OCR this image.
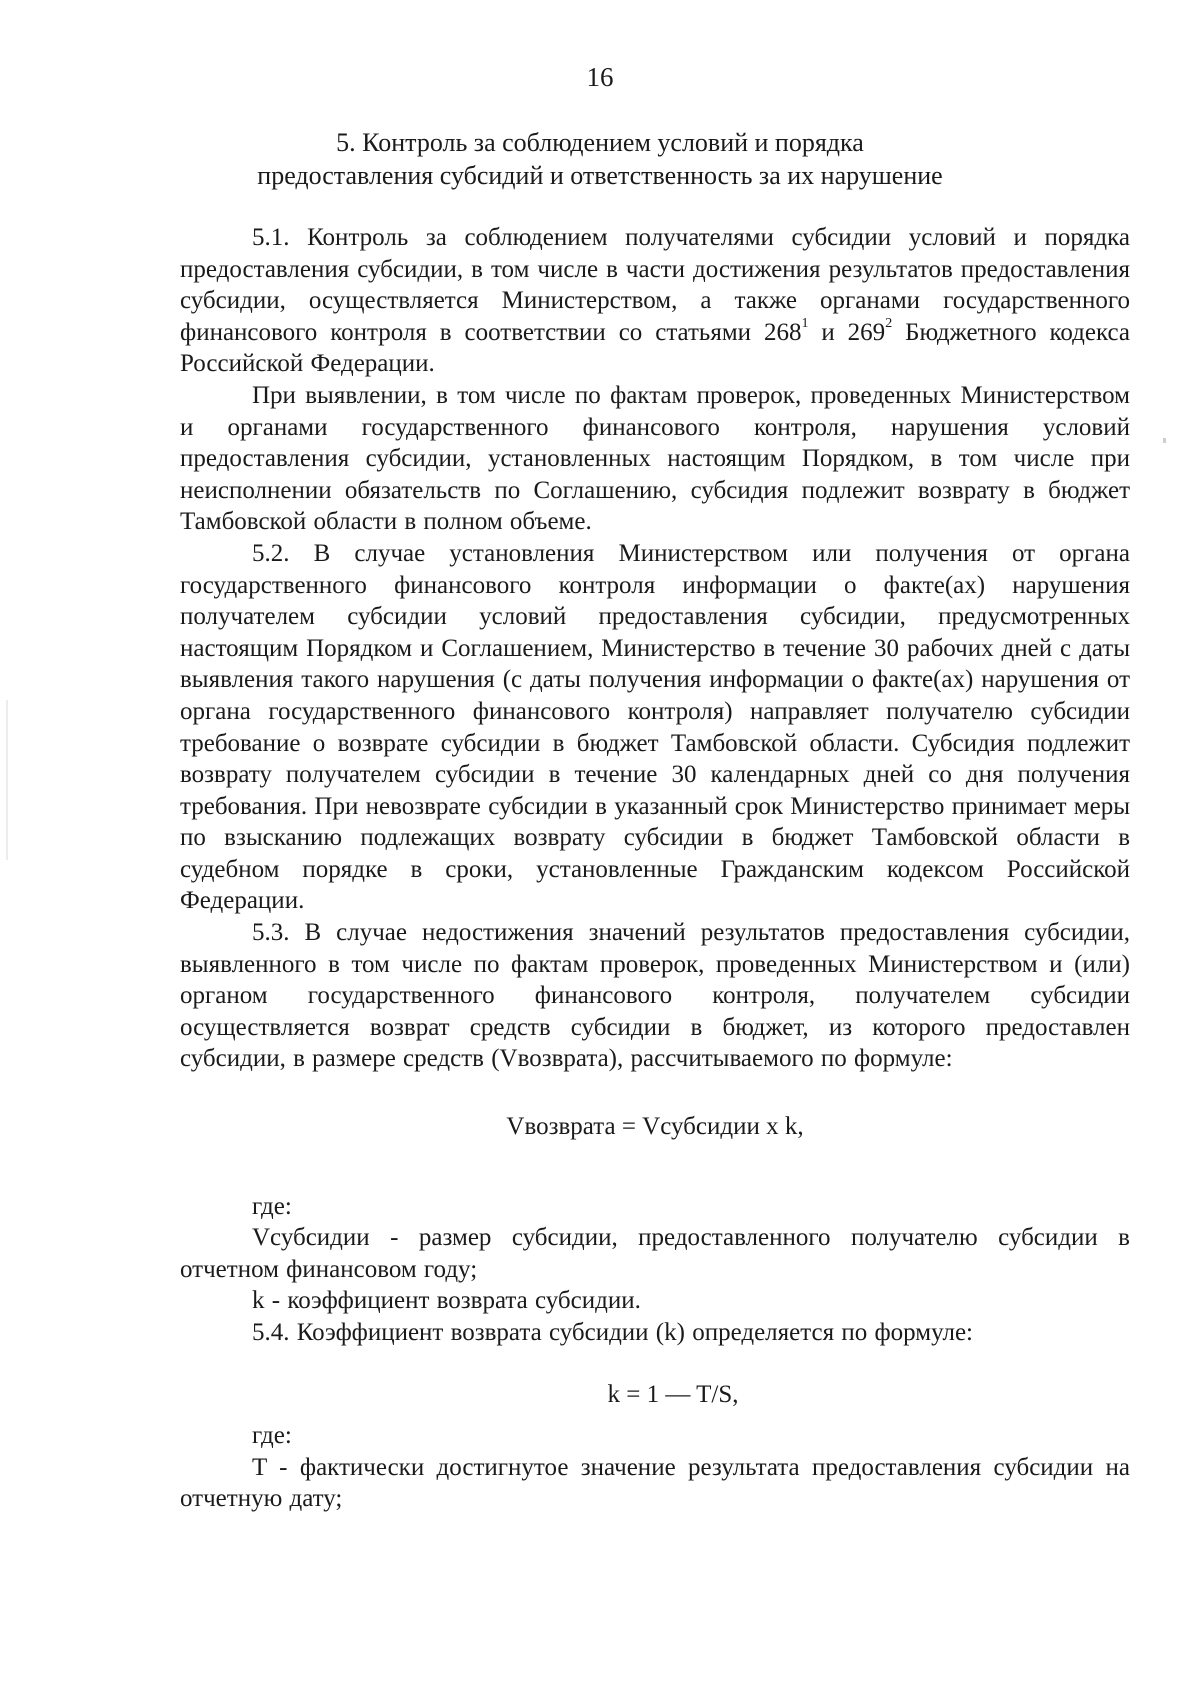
16
5. Контроль за соблюдением условий и порядка
предоставления субсидий и ответственность за их нарушение

5.1. Контроль за соблюдением получателями субсидии условий и порядка предоставления субсидии, в том числе в части достижения результатов предоставления субсидии, осуществляется Министерством, а также органами государственного финансового контроля в соответствии со статьями $268^1$ и $269^2$ Бюджетного кодекса Российской Федерации.

При выявлении, в том числе по фактам проверок, проведенных Министерством и органами государственного финансового контроля, нарушения условий предоставления субсидии, установленных настоящим Порядком, в том числе при неисполнении обязательств по Соглашению, субсидия подлежит возврату в бюджет Тамбовской области в полном объеме.

5.2. В случае установления Министерством или получения от органа государственного финансового контроля информации о факте(ах) нарушения получателем субсидии условий предоставления субсидии, предусмотренных настоящим Порядком и Соглашением, Министерство в течение 30 рабочих дней с даты выявления такого нарушения (с даты получения информации о факте(ах) нарушения от органа государственного финансового контроля) направляет получателю субсидии требование о возврате субсидии в бюджет Тамбовской области. Субсидия подлежит возврату получателем субсидии в течение 30 календарных дней со дня получения требования. При невозврате субсидии в указанный срок Министерство принимает меры по взысканию подлежащих возврату субсидии в бюджет Тамбовской области в судебном порядке в сроки, установленные Гражданским кодексом Российской Федерации.

5.3. В случае недостижения значений результатов предоставления субсидии, выявленного в том числе по фактам проверок, проведенных Министерством и (или) органом государственного финансового контроля, получателем субсидии осуществляется возврат средств субсидии в бюджет, из которого предоставлен субсидии, в размере средств (Vвозврата), рассчитываемого по формуле:

Vвозврата = Vсубсидии x k,

где:

Vсубсидии - размер субсидии, предоставленного получателю субсидии в отчетном финансовом году;

k - коэффициент возврата субсидии.

5.4. Коэффициент возврата субсидии (k) определяется по формуле:

k = 1 — T/S,

где:

T - фактически достигнутое значение результата предоставления субсидии на отчетную дату;
